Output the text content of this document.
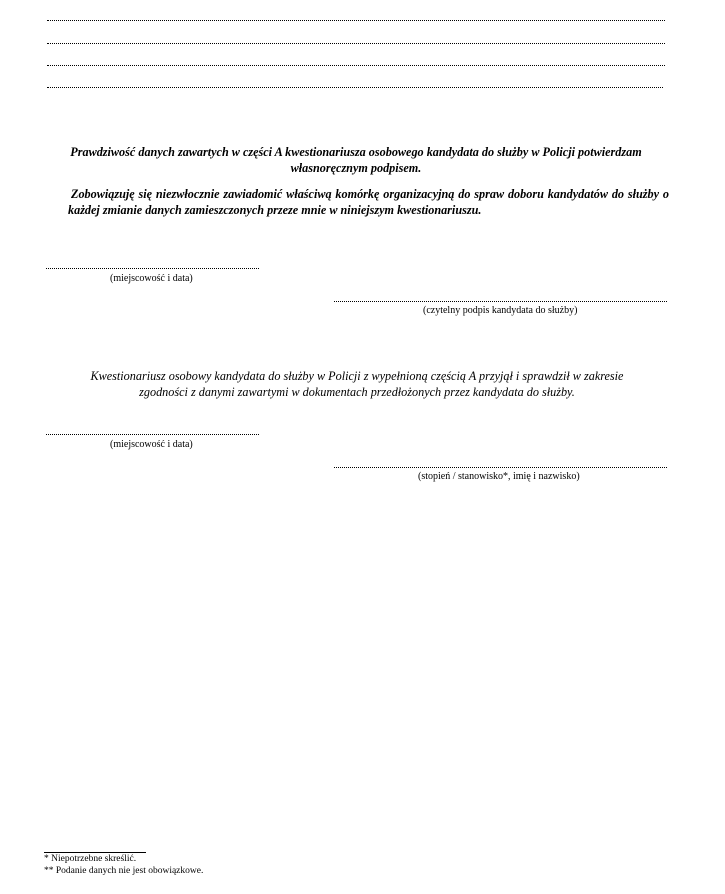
Prawdziwość danych zawartych w części A kwestionariusza osobowego kandydata do służby w Policji potwierdzam własnoręcznym podpisem.
Zobowiązuję się niezwłocznie zawiadomić właściwą komórkę organizacyjną do spraw doboru kandydatów do służby o każdej zmianie danych zamieszczonych przeze mnie w niniejszym kwestionariuszu.
(miejscowość i data)
(czytelny podpis kandydata do służby)
Kwestionariusz osobowy kandydata do służby w Policji z wypełnioną częścią A przyjął i sprawdził w zakresie zgodności z danymi zawartymi w dokumentach przedłożonych przez kandydata do służby.
(miejscowość i data)
(stopień / stanowisko*, imię i nazwisko)
* Niepotrzebne skreślić.
** Podanie danych nie jest obowiązkowe.
